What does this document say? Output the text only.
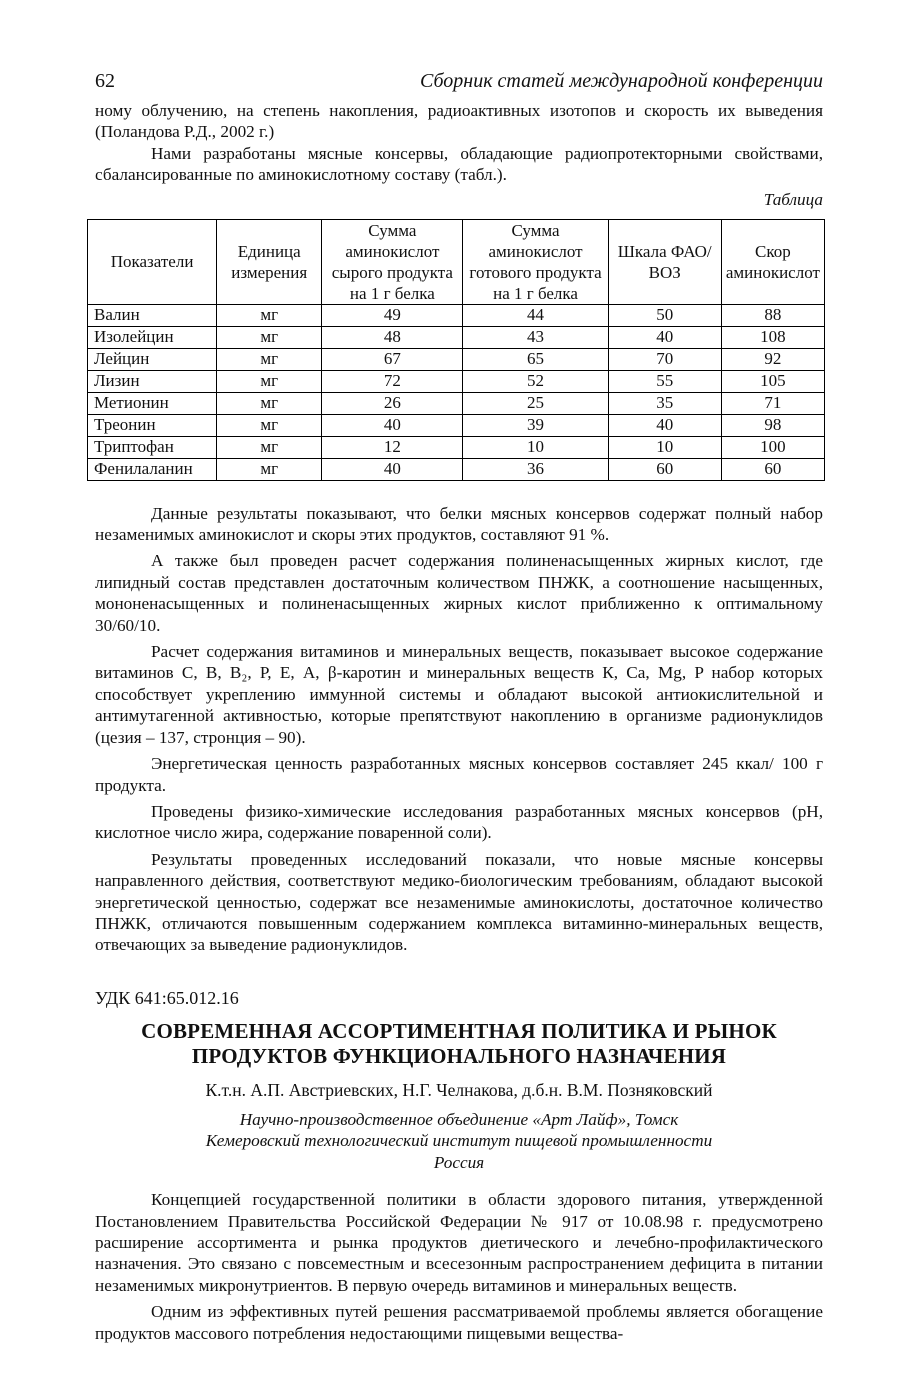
62	Сборник статей международной конференции

ному облучению, на степень накопления, радиоактивных изотопов и скорость их выведения (Поландова Р.Д., 2002 г.)

Нами разработаны мясные консервы, обладающие радиопротекторными свойствами, сбалансированные по аминокислотному составу (табл.).

Таблица
Показатели	Единица измерения	Сумма аминокислот сырого продукта на 1 г белка	Сумма аминокислот готового продукта на 1 г белка	Шкала ФАО/ВОЗ	Скор аминокислот
Валин	мг	49	44	50	88
Изолейцин	мг	48	43	40	108
Лейцин	мг	67	65	70	92
Лизин	мг	72	52	55	105
Метионин	мг	26	25	35	71
Треонин	мг	40	39	40	98
Триптофан	мг	12	10	10	100
Фенилаланин	мг	40	36	60	60

Данные результаты показывают, что белки мясных консервов содержат полный набор незаменимых аминокислот и скоры этих продуктов, составляют 91 %.

А также был проведен расчет содержания полиненасыщенных жирных кислот, где липидный состав представлен достаточным количеством ПНЖК, а соотношение насыщенных, мононенасыщенных и полиненасыщенных жирных кислот приближенно к оптимальному 30/60/10.

Расчет содержания витаминов и минеральных веществ, показывает высокое содержание витаминов С, В, В₂, Р, Е, А, β-каротин и минеральных веществ К, Са, Mg, P набор которых способствует укреплению иммунной системы и обладают высокой антиокислительной и антимутагенной активностью, которые препятствуют накоплению в организме радионуклидов (цезия – 137, стронция – 90).

Энергетическая ценность разработанных мясных консервов составляет 245 ккал/ 100 г продукта.

Проведены физико-химические исследования разработанных мясных консервов (рН, кислотное число жира, содержание поваренной соли).

Результаты проведенных исследований показали, что новые мясные консервы направленного действия, соответствуют медико-биологическим требованиям, обладают высокой энергетической ценностью, содержат все незаменимые аминокислоты, достаточное количество ПНЖК, отличаются повышенным содержанием комплекса витаминно-минеральных веществ, отвечающих за выведение радионуклидов.

УДК 641:65.012.16
СОВРЕМЕННАЯ АССОРТИМЕНТНАЯ ПОЛИТИКА И РЫНОК
ПРОДУКТОВ ФУНКЦИОНАЛЬНОГО НАЗНАЧЕНИЯ
К.т.н. А.П. Австриевских, Н.Г. Челнакова, д.б.н. В.М. Позняковский
Научно-производственное объединение «Арт Лайф», Томск
Кемеровский технологический институт пищевой промышленности
Россия

Концепцией государственной политики в области здорового питания, утвержденной Постановлением Правительства Российской Федерации № 917 от 10.08.98 г. предусмотрено расширение ассортимента и рынка продуктов диетического и лечебно-профилактического назначения. Это связано с повсеместным и всесезонным распространением дефицита в питании незаменимых микронутриентов. В первую очередь витаминов и минеральных веществ.

Одним из эффективных путей решения рассматриваемой проблемы является обогащение продуктов массового потребления недостающими пищевыми вещества-
